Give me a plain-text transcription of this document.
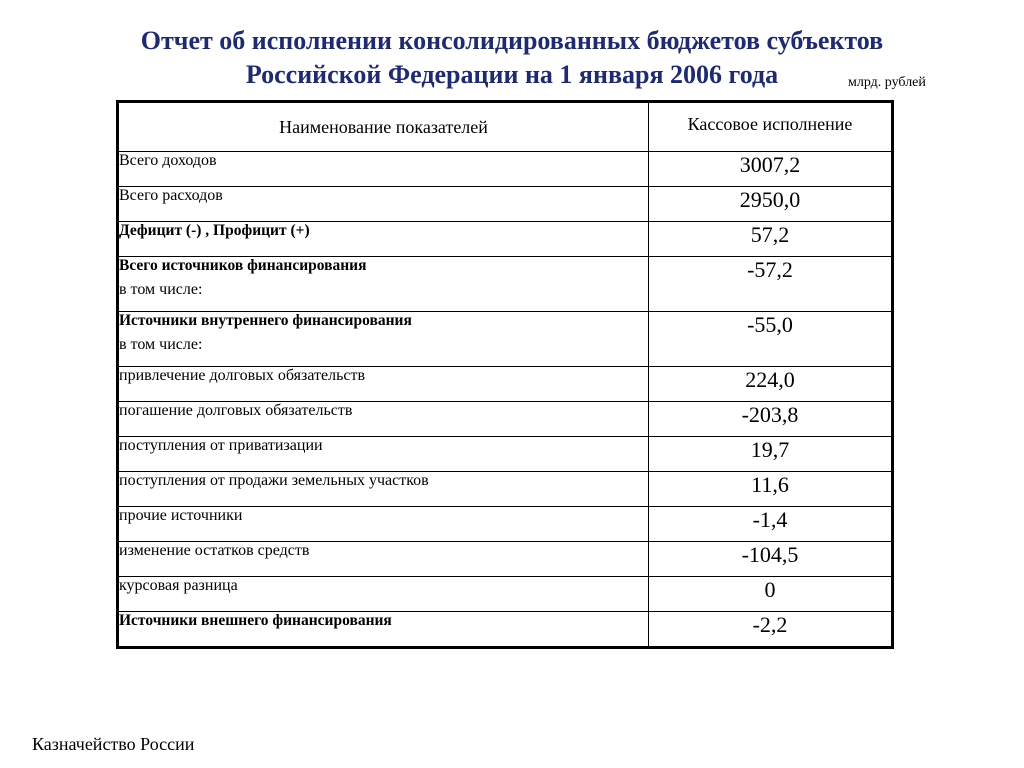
Отчет об исполнении консолидированных бюджетов субъектов
Российской Федерации на 1 января 2006 года	млрд. рублей
Наименование показателей	Кассовое исполнение
Всего доходов	3007,2
Всего расходов	2950,0
Дефицит (-) , Профицит (+)	57,2
Всего источников финансирования
в том числе:	-57,2
Источники внутреннего финансирования
в том числе:	-55,0
привлечение долговых обязательств	224,0
погашение долговых обязательств	-203,8
поступления от приватизации	19,7
поступления от продажи земельных участков	11,6
прочие источники	-1,4
изменение остатков средств	-104,5
курсовая разница	0
Источники внешнего финансирования	-2,2
Казначейство России
